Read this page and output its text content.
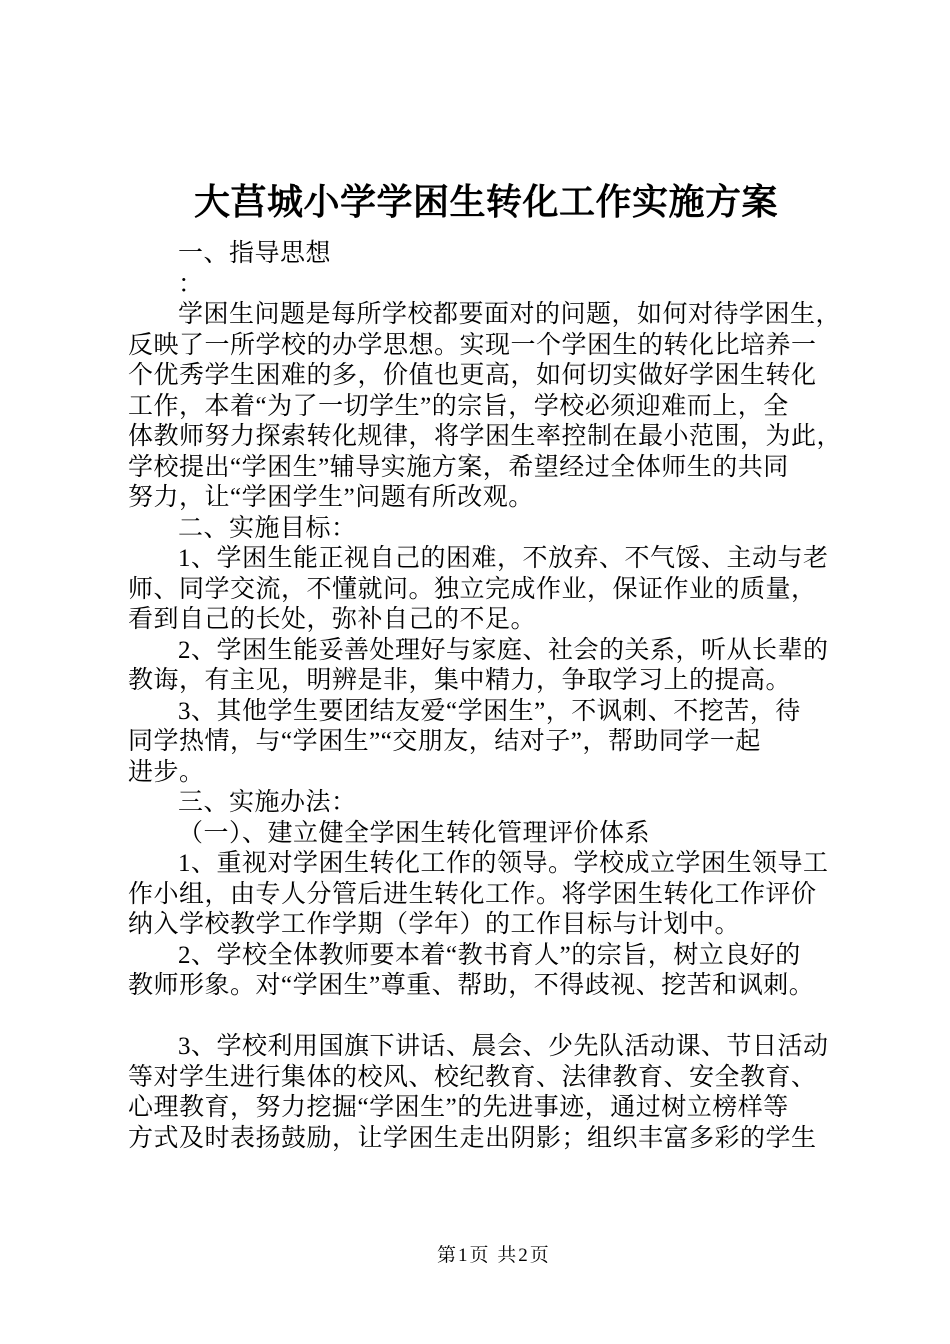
大莒城小学学困生转化工作实施方案
一、指导思想
：
学困生问题是每所学校都要面对的问题，如何对待学困生，
反映了一所学校的办学思想。实现一个学困生的转化比培养一
个优秀学生困难的多，价值也更高，如何切实做好学困生转化
工作，本着“为了一切学生”的宗旨，学校必须迎难而上，全
体教师努力探索转化规律，将学困生率控制在最小范围，为此，
学校提出“学困生”辅导实施方案，希望经过全体师生的共同
努力，让“学困学生”问题有所改观。
二、实施目标：
1、学困生能正视自己的困难，不放弃、不气馁、主动与老
师、同学交流，不懂就问。独立完成作业，保证作业的质量，
看到自己的长处，弥补自己的不足。
2、学困生能妥善处理好与家庭、社会的关系，听从长辈的
教诲，有主见，明辨是非，集中精力，争取学习上的提高。
3、其他学生要团结友爱“学困生”，不讽刺、不挖苦，待
同学热情，与“学困生”“交朋友，结对子”，帮助同学一起
进步。
三、实施办法：
（一）、建立健全学困生转化管理评价体系
1、重视对学困生转化工作的领导。学校成立学困生领导工
作小组，由专人分管后进生转化工作。将学困生转化工作评价
纳入学校教学工作学期（学年）的工作目标与计划中。
2、学校全体教师要本着“教书育人”的宗旨，树立良好的
教师形象。对“学困生”尊重、帮助，不得歧视、挖苦和讽刺。
3、学校利用国旗下讲话、晨会、少先队活动课、节日活动
等对学生进行集体的校风、校纪教育、法律教育、安全教育、
心理教育，努力挖掘“学困生”的先进事迹，通过树立榜样等
方式及时表扬鼓励，让学困生走出阴影；组织丰富多彩的学生
第1页 共2页
